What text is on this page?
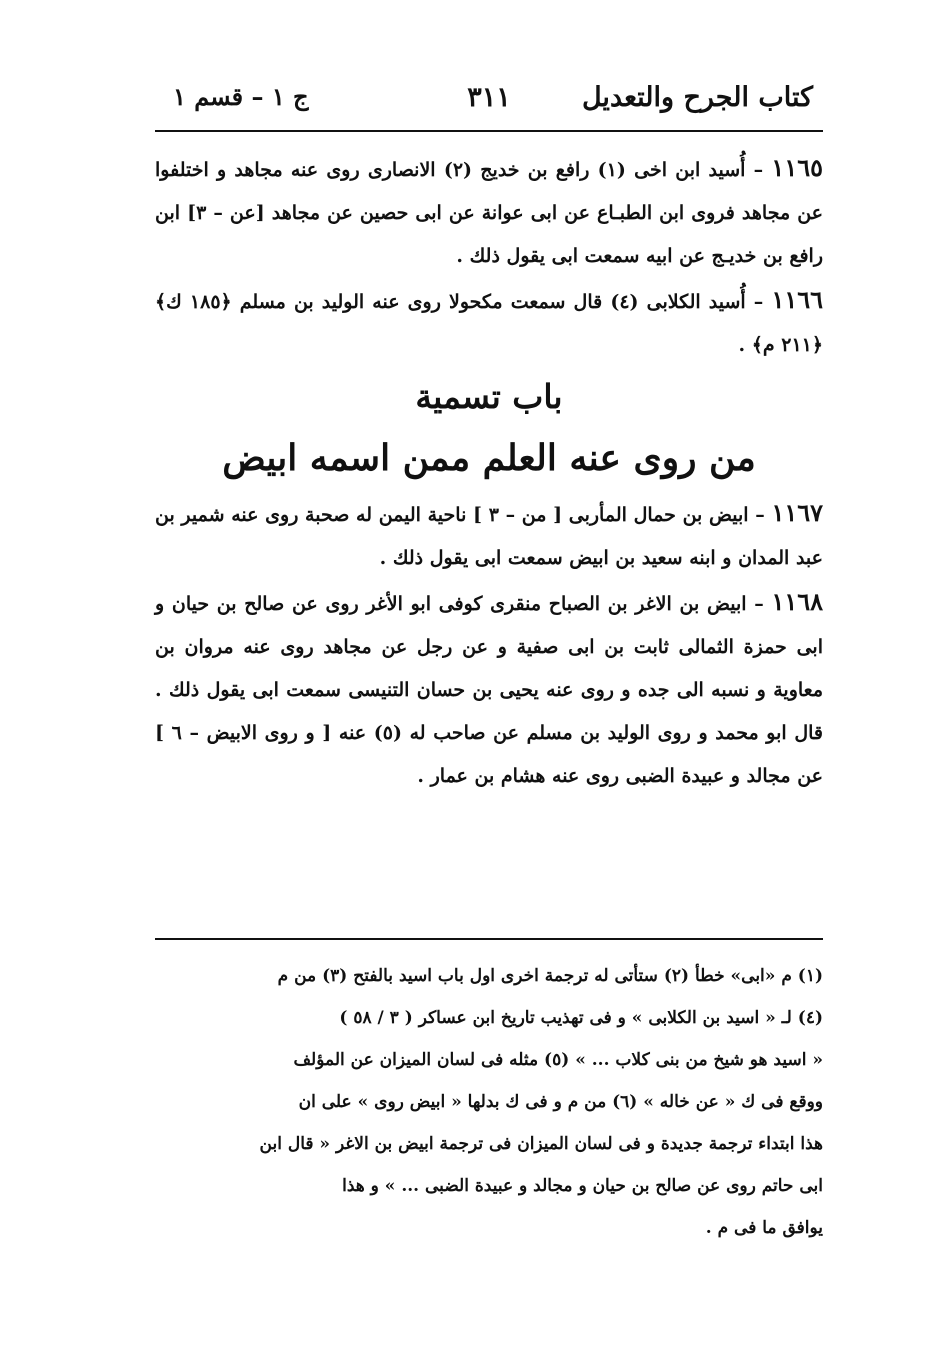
كتاب الجرح والتعديل
٣١١
ج ١ – قسم ١

١١٦٥ – أُسيد ابن اخى (١) رافع بن خديج (٢) الانصارى روى عنه مجاهد و اختلفوا عن مجاهد فروى ابن الطبـاع عن ابى عوانة عن ابى حصين عن مجاهد [عن – ٣] ابن رافع بن خديـج عن ابيه سمعت ابى يقول ذلك .

١١٦٦ – أُسيد الكلابى (٤) قال سمعت مكحولا روى عنه الوليد بن مسلم ﴿١٨٥ ك﴾ ﴿٢١١ م﴾ .

باب تسمية
من روى عنه العلم ممن اسمه ابيض

١١٦٧ – ابيض بن حمال المأربى [ من – ٣ ] ناحية اليمن له صحبة روى عنه شمير بن عبد المدان و ابنه سعيد بن ابيض سمعت ابى يقول ذلك .

١١٦٨ – ابيض بن الاغر بن الصباح منقرى كوفى ابو الأغر روى عن صالح بن حيان و ابى حمزة الثمالى ثابت بن ابى صفية و عن رجل عن مجاهد روى عنه مروان بن معاوية و نسبه الى جده و روى عنه يحيى بن حسان التنيسى سمعت ابى يقول ذلك . قال ابو محمد و روى الوليد بن مسلم عن صاحب له (٥) عنه [ و روى الابيض – ٦ ] عن مجالد و عبيدة الضبى روى عنه هشام بن عمار .

(١) م «ابى» خطأ (٢) ستأتى له ترجمة اخرى اول باب اسيد بالفتح (٣) من م

(٤) لـ « اسيد بن الكلابى » و فى تهذيب تاريخ ابن عساكر ( ٣ / ٥٨ )

« اسيد هو شيخ من بنى كلاب ... » (٥) مثله فى لسان الميزان عن المؤلف

ووقع فى ك « عن خاله » (٦) من م و فى ك بدلها « ابيض روى » على ان

هذا ابتداء ترجمة جديدة و فى لسان الميزان فى ترجمة ابيض بن الاغر « قال ابن

ابى حاتم روى عن صالح بن حيان و مجالد و عبيدة الضبى ... » و هذا

يوافق ما فى م .
